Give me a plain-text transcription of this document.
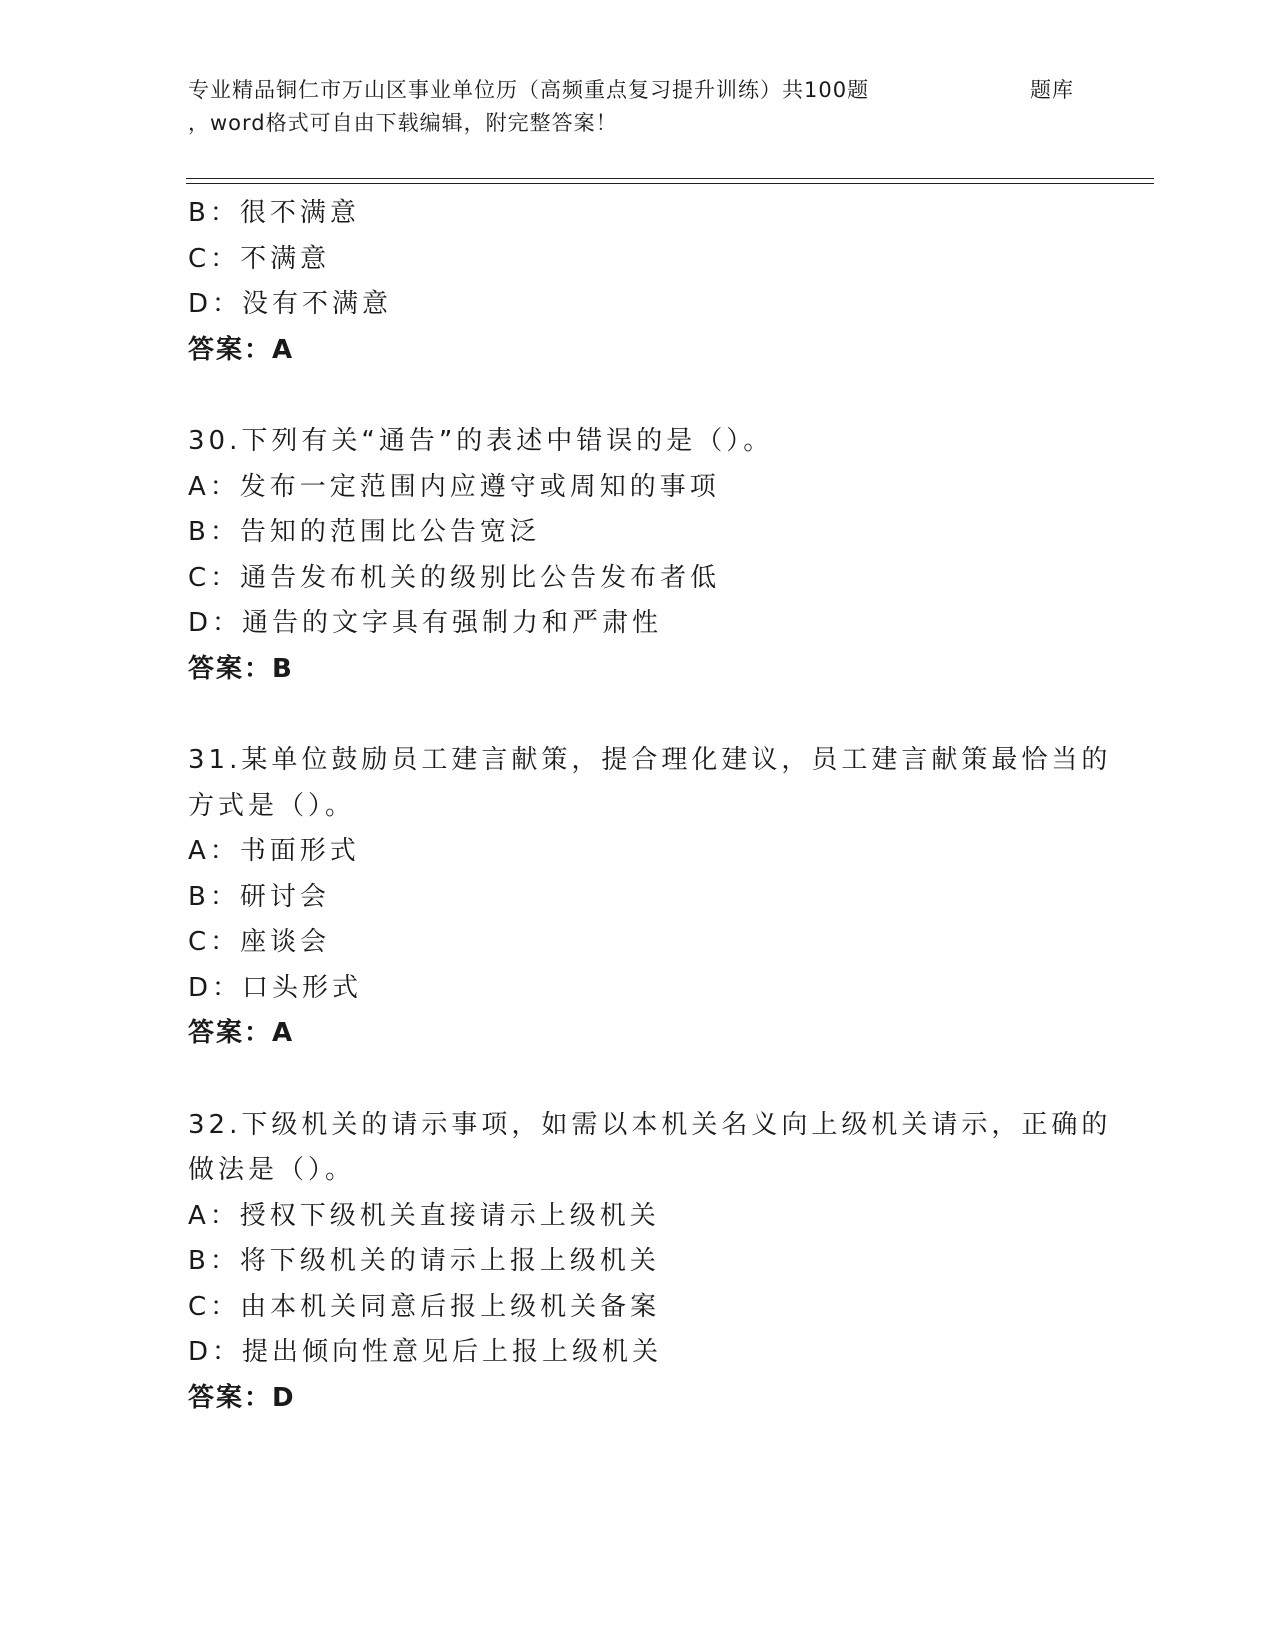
专业精品铜仁市万山区事业单位历（高频重点复习提升训练）共100题	题库
，word格式可自由下载编辑，附完整答案！
B：很不满意
C：不满意
D：没有不满意
答案：A
30.下列有关“通告”的表述中错误的是（）。
A：发布一定范围内应遵守或周知的事项
B：告知的范围比公告宽泛
C：通告发布机关的级别比公告发布者低
D：通告的文字具有强制力和严肃性
答案：B
31.某单位鼓励员工建言献策，提合理化建议，员工建言献策最恰当的
方式是（）。
A：书面形式
B：研讨会
C：座谈会
D：口头形式
答案：A
32.下级机关的请示事项，如需以本机关名义向上级机关请示，正确的
做法是（）。
A：授权下级机关直接请示上级机关
B：将下级机关的请示上报上级机关
C：由本机关同意后报上级机关备案
D：提出倾向性意见后上报上级机关
答案：D
